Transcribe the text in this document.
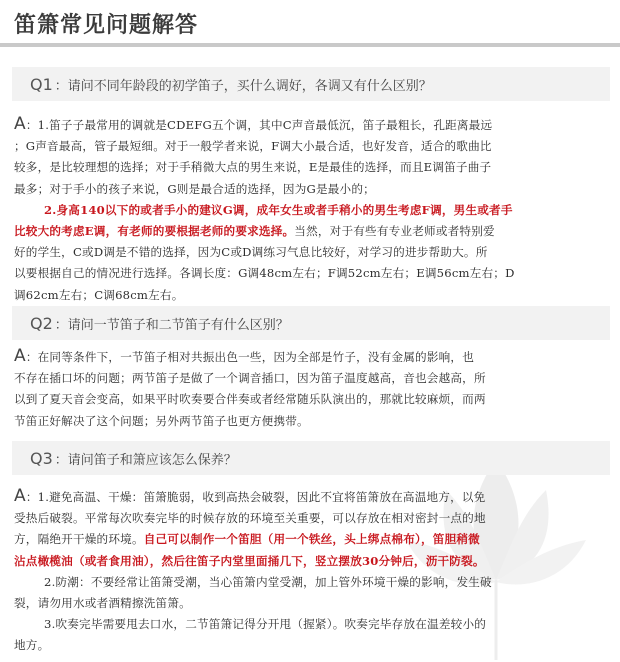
笛箫常见问题解答
Q1 ：请问不同年龄段的初学笛子，买什么调好，各调又有什么区别？
A：1.笛子子最常用的调就是CDEFG五个调，其中C声音最低沉，笛子最粗长，孔距离最远
；G声音最高，管子最短细。对于一般学者来说，F调大小最合适，也好发音，适合的歌曲比
较多，是比较理想的选择；对于手稍微大点的男生来说，E是最佳的选择，而且E调笛子曲子
最多；对于手小的孩子来说，G则是最合适的选择，因为G是最小的；
2.身高140以下的或者手小的建议G调，成年女生或者手稍小的男生考虑F调，男生或者手
比较大的考虑E调，有老师的要根据老师的要求选择。当然，对于有些有专业老师或者特别爱
好的学生，C或D调是不错的选择，因为C或D调练习气息比较好，对学习的进步帮助大。所
以要根据自己的情况进行选择。各调长度：G调48cm左右；F调52cm左右；E调56cm左右；D
调62cm左右；C调68cm左右。
Q2 ：请问一节笛子和二节笛子有什么区别？
A：在同等条件下，一节笛子相对共振出色一些，因为全部是竹子，没有金属的影响，也
不存在插口坏的问题；两节笛子是做了一个调音插口，因为笛子温度越高，音也会越高，所
以到了夏天音会变高，如果平时吹奏要合伴奏或者经常随乐队演出的，那就比较麻烦，而两
节笛正好解决了这个问题；另外两节笛子也更方便携带。
Q3 ：请问笛子和箫应该怎么保养？
A：1.避免高温、干燥：笛箫脆弱，收到高热会破裂，因此不宜将笛箫放在高温地方，以免
受热后破裂。平常每次吹奏完毕的时候存放的环境至关重要，可以存放在相对密封一点的地
方，隔绝开干燥的环境。自己可以制作一个笛胆（用一个铁丝，头上绑点棉布），笛胆稍微
沾点橄榄油（或者食用油），然后往笛子内堂里面捅几下，竖立摆放30分钟后，沥干防裂。
2.防潮：不要经常让笛箫受潮，当心笛箫内堂受潮，加上管外环境干燥的影响，发生破
裂，请勿用水或者酒精擦洗笛箫。
3.吹奏完毕需要甩去口水，二节笛箫记得分开甩（握紧）。吹奏完毕存放在温差较小的
地方。
